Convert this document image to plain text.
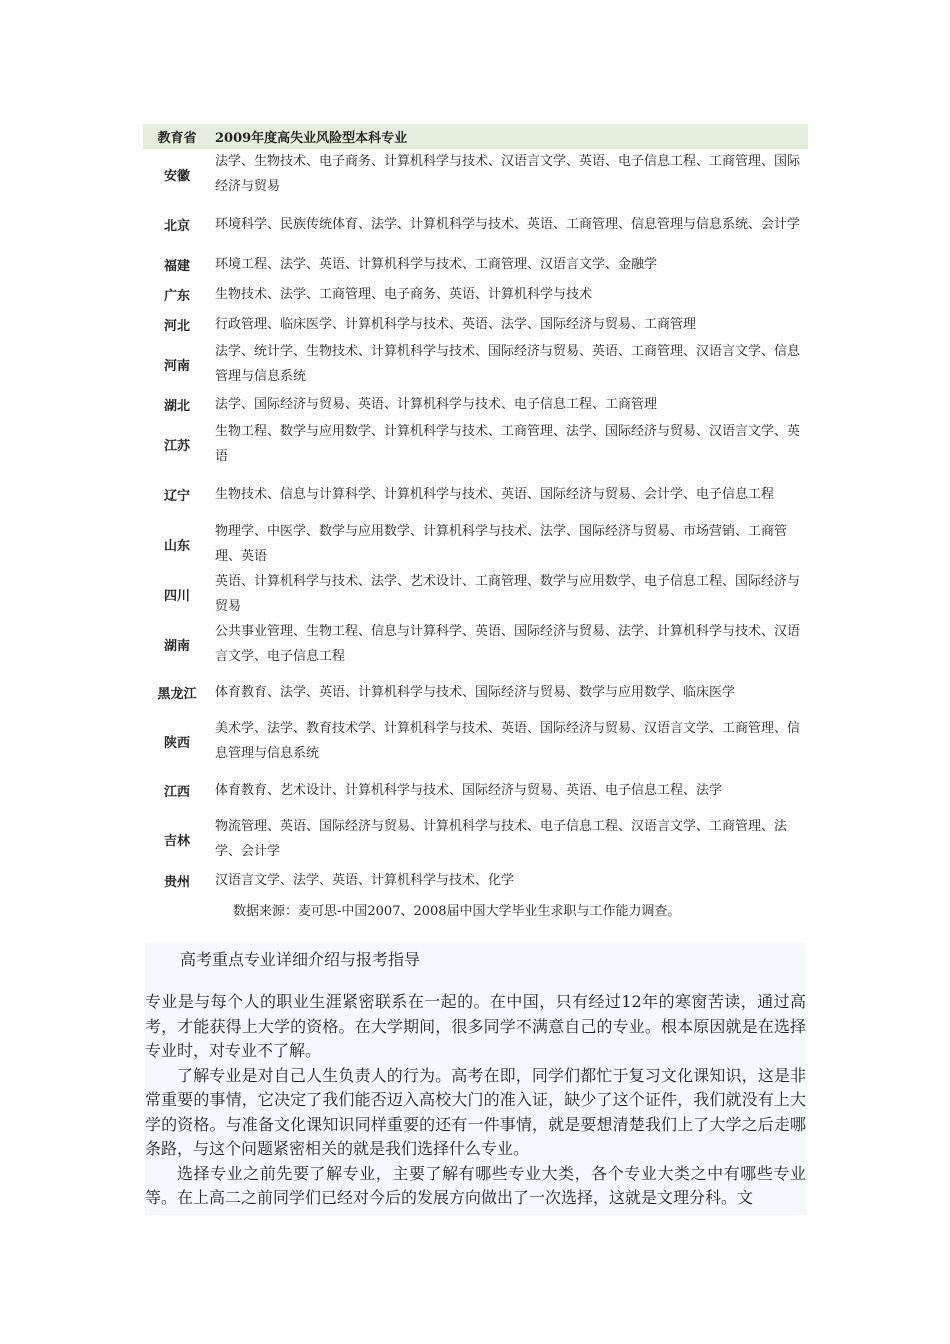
教育省	2009年度高失业风险型本科专业
安徽	法学、生物技术、电子商务、计算机科学与技术、汉语言文学、英语、电子信息工程、工商管理、国际经济与贸易
北京	环境科学、民族传统体育、法学、计算机科学与技术、英语、工商管理、信息管理与信息系统、会计学
福建	环境工程、法学、英语、计算机科学与技术、工商管理、汉语言文学、金融学
广东	生物技术、法学、工商管理、电子商务、英语、计算机科学与技术
河北	行政管理、临床医学、计算机科学与技术、英语、法学、国际经济与贸易、工商管理
河南	法学、统计学、生物技术、计算机科学与技术、国际经济与贸易、英语、工商管理、汉语言文学、信息管理与信息系统
湖北	法学、国际经济与贸易、英语、计算机科学与技术、电子信息工程、工商管理
江苏	生物工程、数学与应用数学、计算机科学与技术、工商管理、法学、国际经济与贸易、汉语言文学、英语
辽宁	生物技术、信息与计算科学、计算机科学与技术、英语、国际经济与贸易、会计学、电子信息工程
山东	物理学、中医学、数学与应用数学、计算机科学与技术、法学、国际经济与贸易、市场营销、工商管理、英语
四川	英语、计算机科学与技术、法学、艺术设计、工商管理、数学与应用数学、电子信息工程、国际经济与贸易
湖南	公共事业管理、生物工程、信息与计算科学、英语、国际经济与贸易、法学、计算机科学与技术、汉语言文学、电子信息工程
黑龙江	体育教育、法学、英语、计算机科学与技术、国际经济与贸易、数学与应用数学、临床医学
陕西	美术学、法学、教育技术学、计算机科学与技术、英语、国际经济与贸易、汉语言文学、工商管理、信息管理与信息系统
江西	体育教育、艺术设计、计算机科学与技术、国际经济与贸易、英语、电子信息工程、法学
吉林	物流管理、英语、国际经济与贸易、计算机科学与技术、电子信息工程、汉语言文学、工商管理、法学、会计学
贵州	汉语言文学、法学、英语、计算机科学与技术、化学
数据来源：麦可思-中国2007、2008届中国大学毕业生求职与工作能力调查。
高考重点专业详细介绍与报考指导

专业是与每个人的职业生涯紧密联系在一起的。在中国，只有经过12年的寒窗苦读，通过高考，才能获得上大学的资格。在大学期间，很多同学不满意自己的专业。根本原因就是在选择专业时，对专业不了解。

了解专业是对自己人生负责人的行为。高考在即，同学们都忙于复习文化课知识，这是非常重要的事情，它决定了我们能否迈入高校大门的准入证，缺少了这个证件，我们就没有上大学的资格。与准备文化课知识同样重要的还有一件事情，就是要想清楚我们上了大学之后走哪条路，与这个问题紧密相关的就是我们选择什么专业。

选择专业之前先要了解专业，主要了解有哪些专业大类，各个专业大类之中有哪些专业等。在上高二之前同学们已经对今后的发展方向做出了一次选择，这就是文理分科。文
